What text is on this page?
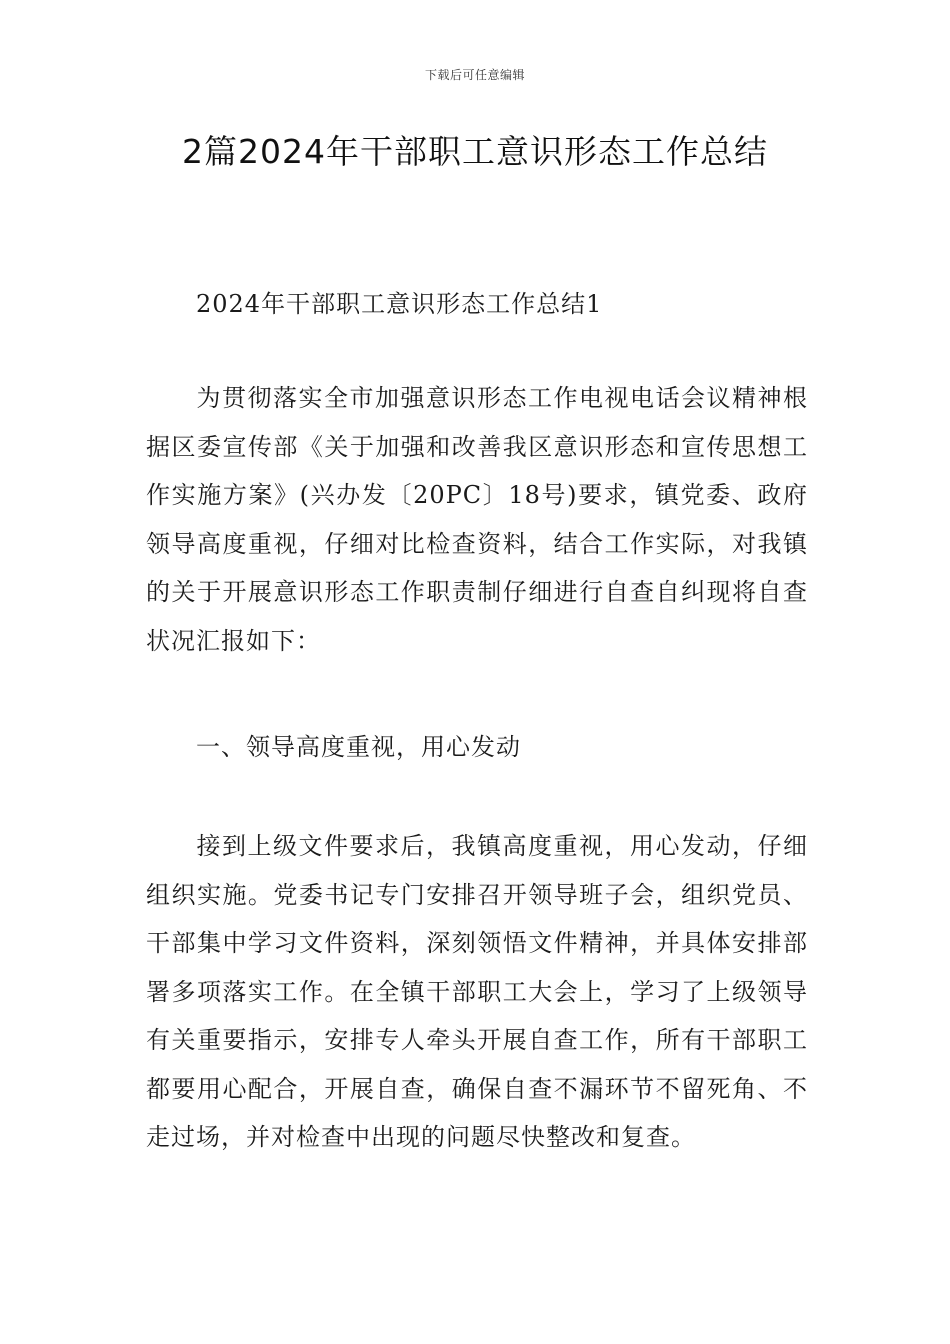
下载后可任意编辑
2篇2024年干部职工意识形态工作总结

2024年干部职工意识形态工作总结1

为贯彻落实全市加强意识形态工作电视电话会议精神根据区委宣传部《关于加强和改善我区意识形态和宣传思想工作实施方案》(兴办发〔20PC〕18号)要求，镇党委、政府领导高度重视，仔细对比检查资料，结合工作实际，对我镇的关于开展意识形态工作职责制仔细进行自查自纠现将自查状况汇报如下：

一、领导高度重视，用心发动

接到上级文件要求后，我镇高度重视，用心发动，仔细组织实施。党委书记专门安排召开领导班子会，组织党员、干部集中学习文件资料，深刻领悟文件精神，并具体安排部署多项落实工作。在全镇干部职工大会上，学习了上级领导有关重要指示，安排专人牵头开展自查工作，所有干部职工都要用心配合，开展自查，确保自查不漏环节不留死角、不走过场，并对检查中出现的问题尽快整改和复查。
